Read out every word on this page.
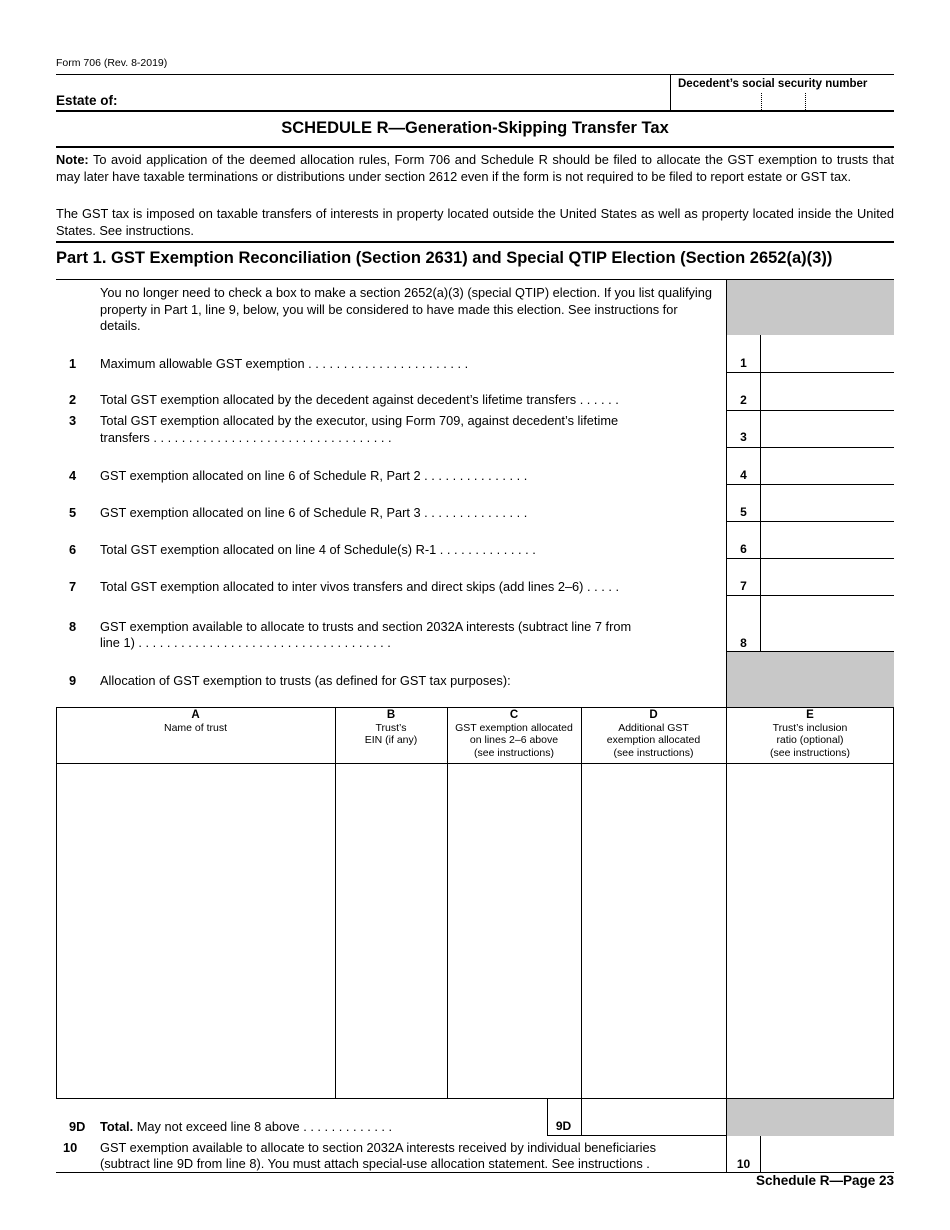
Form 706 (Rev. 8-2019)
Estate of:
Decedent’s social security number
SCHEDULE R—Generation-Skipping Transfer Tax
Note: To avoid application of the deemed allocation rules, Form 706 and Schedule R should be filed to allocate the GST exemption to trusts that may later have taxable terminations or distributions under section 2612 even if the form is not required to be filed to report estate or GST tax.
The GST tax is imposed on taxable transfers of interests in property located outside the United States as well as property located inside the United States. See instructions.
Part 1. GST Exemption Reconciliation (Section 2631) and Special QTIP Election (Section 2652(a)(3))
You no longer need to check a box to make a section 2652(a)(3) (special QTIP) election. If you list qualifying property in Part 1, line 9, below, you will be considered to have made this election. See instructions for details.
1 Maximum allowable GST exemption . . . . . . . . . . . . . . . . . . . . . . .	1
2 Total GST exemption allocated by the decedent against decedent’s lifetime transfers . . . . . .	2
3 Total GST exemption allocated by the executor, using Form 709, against decedent’s lifetime
transfers . . . . . . . . . . . . . . . . . . . . . . . . . . . . . . . . . .	3
4 GST exemption allocated on line 6 of Schedule R, Part 2 . . . . . . . . . . . . . . .	4
5 GST exemption allocated on line 6 of Schedule R, Part 3 . . . . . . . . . . . . . . .	5
6 Total GST exemption allocated on line 4 of Schedule(s) R-1 . . . . . . . . . . . . . .	6
7 Total GST exemption allocated to inter vivos transfers and direct skips (add lines 2–6) . . . . .	7
8 GST exemption available to allocate to trusts and section 2032A interests (subtract line 7 from
line 1) . . . . . . . . . . . . . . . . . . . . . . . . . . . . . . . . . . . .	8
9 Allocation of GST exemption to trusts (as defined for GST tax purposes):
A
Name of trust
B
Trust’s
EIN (if any)
C
GST exemption allocated
on lines 2–6 above
(see instructions)
D
Additional GST
exemption allocated
(see instructions)
E
Trust’s inclusion
ratio (optional)
(see instructions)
9D Total. May not exceed line 8 above . . . . . . . . . . . . .	9D
10 GST exemption available to allocate to section 2032A interests received by individual beneficiaries
(subtract line 9D from line 8). You must attach special-use allocation statement. See instructions .	10
Schedule R—Page 23
